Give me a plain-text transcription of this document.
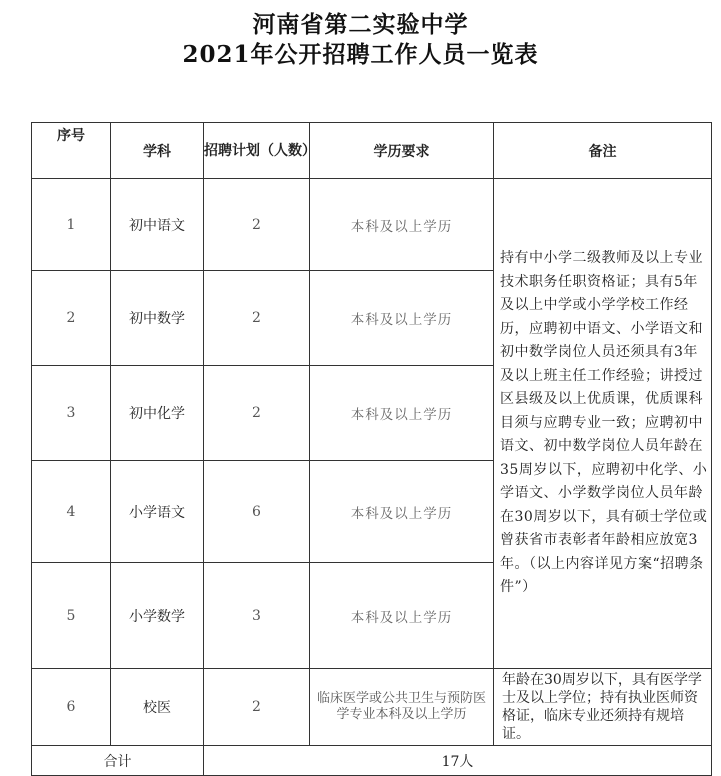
河南省第二实验中学
2021年公开招聘工作人员一览表
序号	学科	招聘计划（人数）	学历要求	备注
1	初中语文	2	本科及以上学历	持有中小学二级教师及以上专业技术职务任职资格证；具有5年及以上中学或小学学校工作经历，应聘初中语文、小学语文和初中数学岗位人员还须具有3年及以上班主任工作经验；讲授过区县级及以上优质课，优质课科目须与应聘专业一致；应聘初中语文、初中数学岗位人员年龄在35周岁以下，应聘初中化学、小学语文、小学数学岗位人员年龄在30周岁以下，具有硕士学位或曾获省市表彰者年龄相应放宽3年。（以上内容详见方案“招聘条件”）
2	初中数学	2	本科及以上学历	
3	初中化学	2	本科及以上学历	
4	小学语文	6	本科及以上学历	
5	小学数学	3	本科及以上学历	
6	校医	2	临床医学或公共卫生与预防医学专业本科及以上学历	年龄在30周岁以下，具有医学学士及以上学位；持有执业医师资格证，临床专业还须持有规培证。
合计		17人		
